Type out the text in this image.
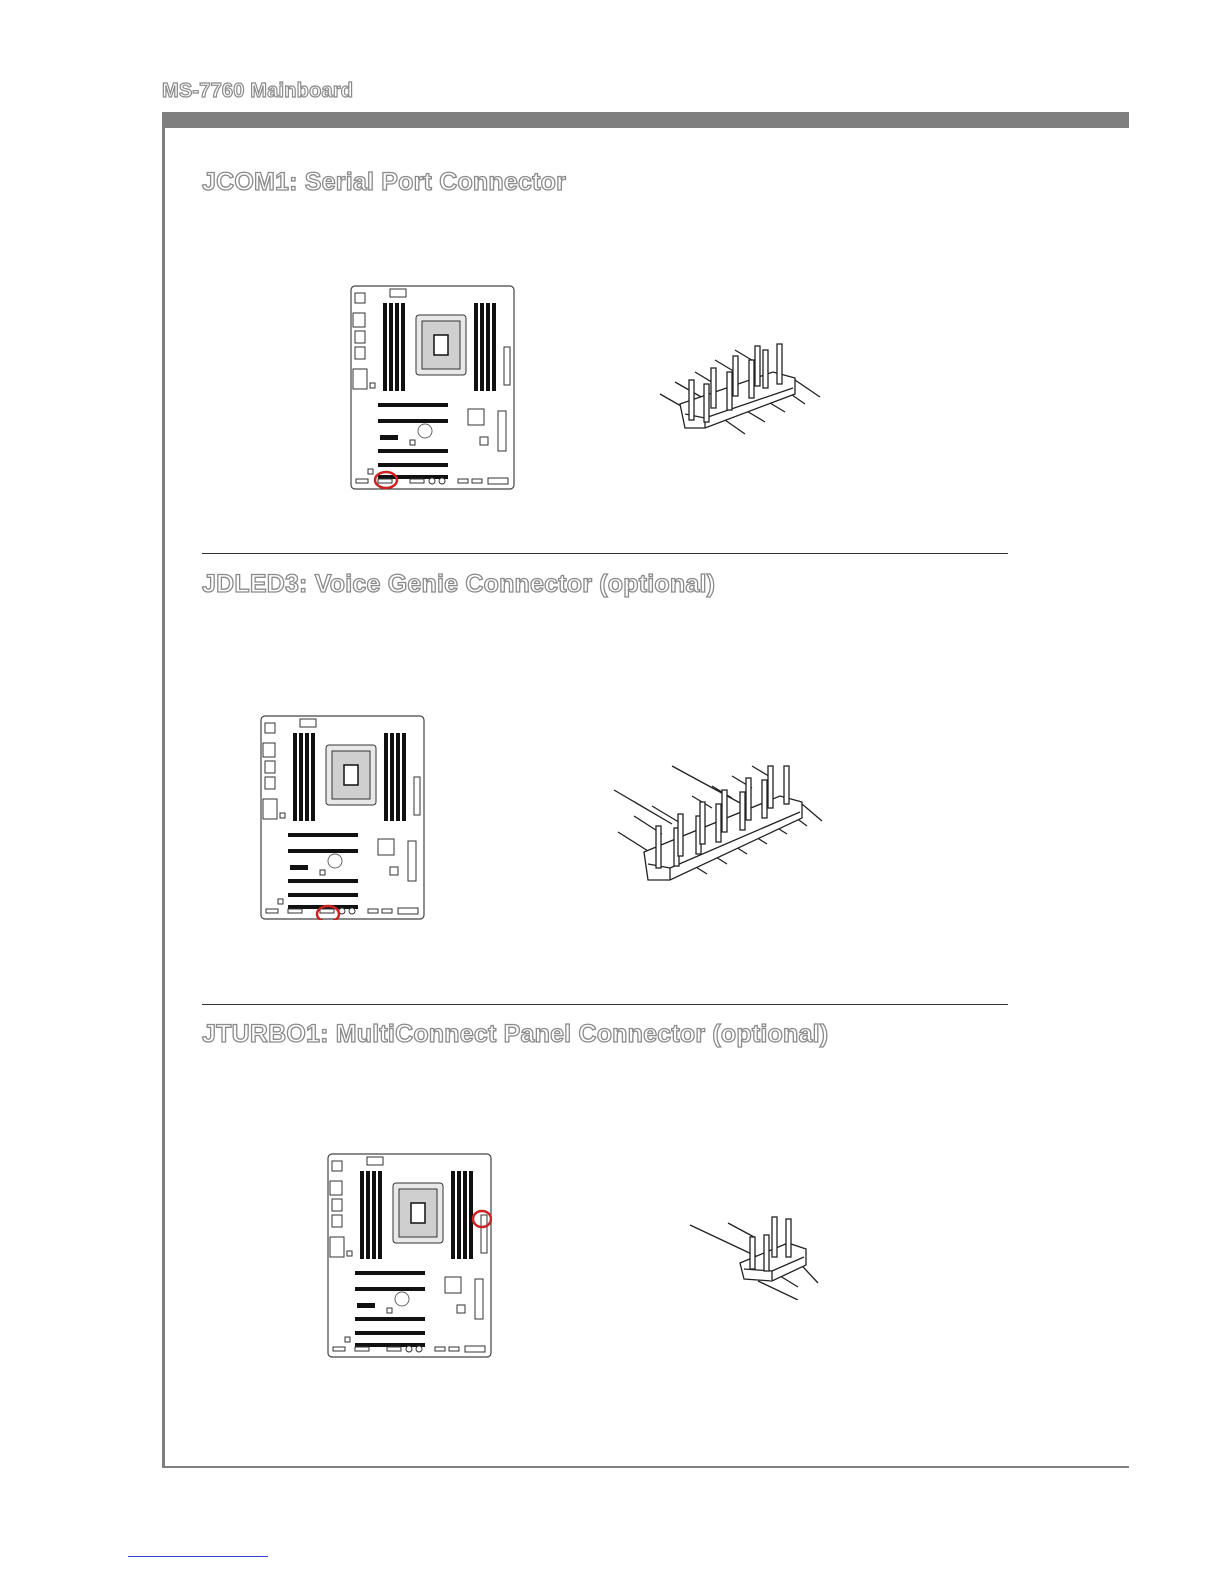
MS-7760 Mainboard
JCOM1: Serial Port Connector
JDLED3: Voice Genie Connector (optional)
JTURBO1: MultiConnect Panel Connector (optional)
